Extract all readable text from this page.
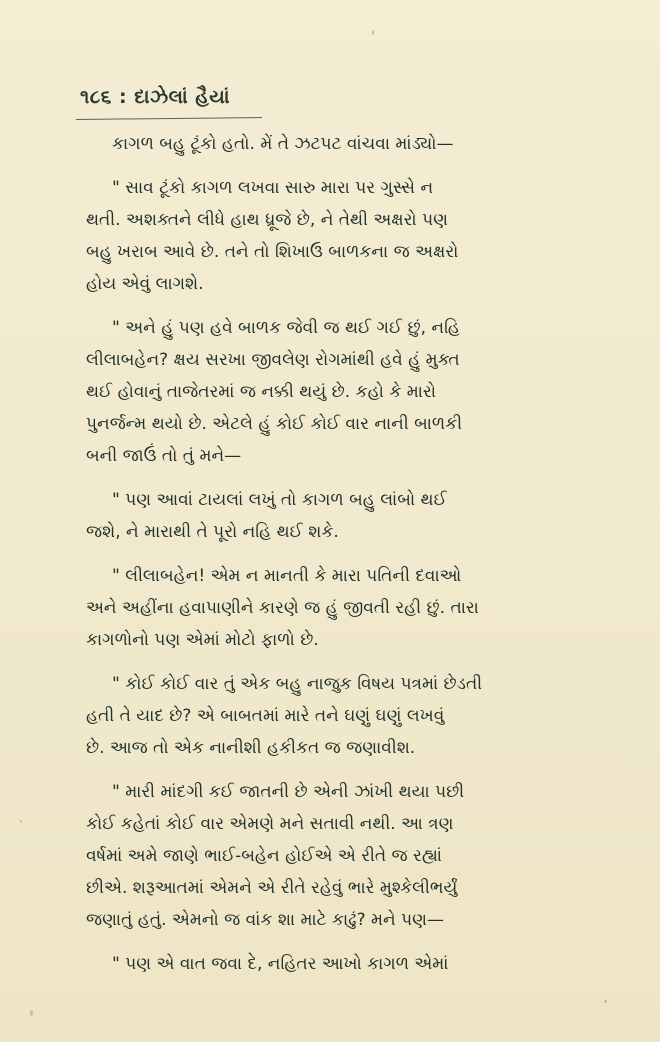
૧૮૬ : દાઝેલાં હૈયાં

કાગળ બહુ ટૂંકો હતો. મેં તે ઝટપટ વાંચવા માંડ્યો—

" સાવ ટૂંકો કાગળ લખવા સારુ મારા પર ગુસ્સે ન
થતી. અશક્તને લીધે હાથ ધ્રૂજે છે, ને તેથી અક્ષરો પણ
બહુ ખરાબ આવે છે. તને તો શિખાઉ બાળકના જ અક્ષરો
હોય એવું લાગશે.

" અને હું પણ હવે બાળક જેવી જ થઈ ગઈ છું, નહિ
લીલાબહેન? ક્ષય સરખા જીવલેણ રોગમાંથી હવે હું મુક્ત
થઈ હોવાનું તાજેતરમાં જ નક્કી થયું છે. કહો કે મારો
પુનર્જન્મ થયો છે. એટલે હું કોઈ કોઈ વાર નાની બાળકી
બની જાઉં તો તું મને—

" પણ આવાં ટાયલાં લખું તો કાગળ બહુ લાંબો થઈ
જશે, ને મારાથી તે પૂરો નહિ થઈ શકે.

" લીલાબહેન! એમ ન માનતી કે મારા પતિની દવાઓ
અને અહીંના હવાપાણીને કારણે જ હું જીવતી રહી છું. તારા
કાગળોનો પણ એમાં મોટો ફાળો છે.

" કોઈ કોઈ વાર તું એક બહુ નાજુક વિષય પત્રમાં છેડતી
હતી તે યાદ છે? એ બાબતમાં મારે તને ઘણું ઘણું લખવું
છે. આજ તો એક નાનીશી હકીકત જ જણાવીશ.

" મારી માંદગી કઈ જાતની છે એની ઝાંખી થયા પછી
કોઈ કહેતાં કોઈ વાર એમણે મને સતાવી નથી. આ ત્રણ
વર્ષમાં અમે જાણે ભાઈ-બહેન હોઈએ એ રીતે જ રહ્યાં
છીએ. શરૂઆતમાં એમને એ રીતે રહેવું ભારે મુશ્કેલીભર્યું
જણાતું હતું. એમનો જ વાંક શા માટે કાઢું? મને પણ—

" પણ એ વાત જવા દે, નહિતર આખો કાગળ એમાં
